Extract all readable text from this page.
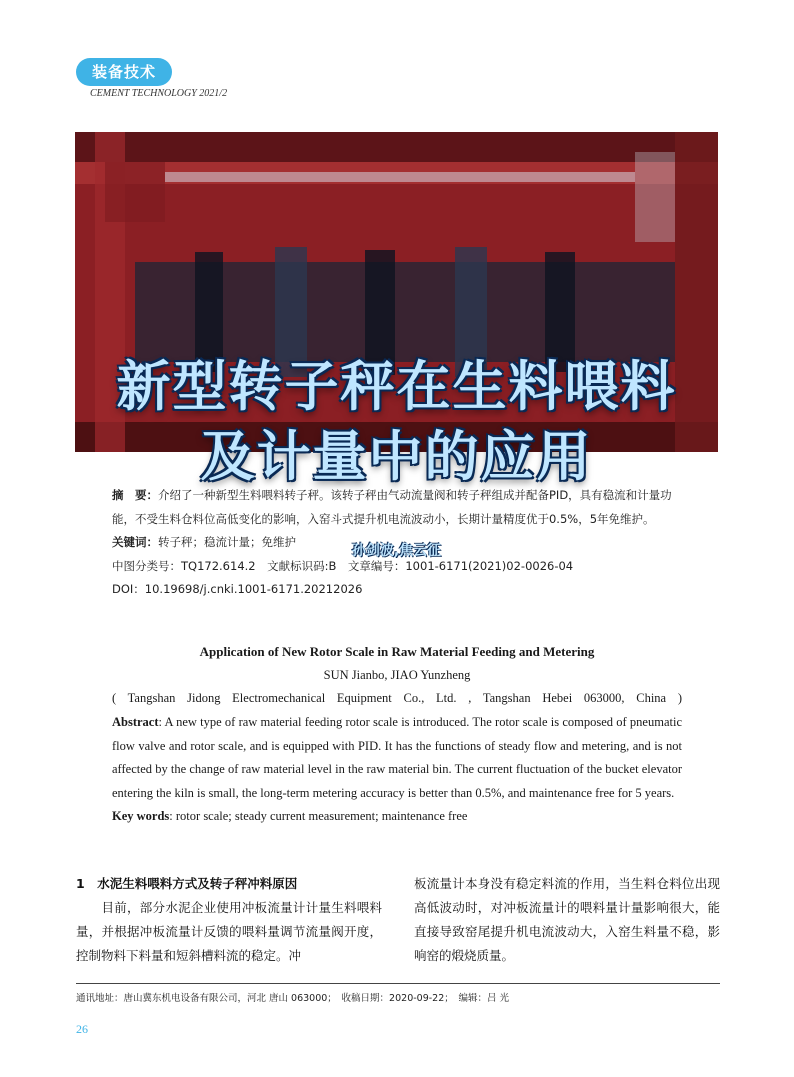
装备技术
CEMENT TECHNOLOGY 2021/2
新型转子秤在生料喂料
及计量中的应用
孙剑波,焦云征
摘　要：介绍了一种新型生料喂料转子秤。该转子秤由气动流量阀和转子秤组成并配备PID，具有稳流和计量功能，不受生料仓料位高低变化的影响，入窑斗式提升机电流波动小，长期计量精度优于0.5%，5年免维护。
关键词：转子秤；稳流计量；免维护
中图分类号：TQ172.614.2　文献标识码:B　文章编号：1001-6171(2021)02-0026-04
DOI：10.19698/j.cnki.1001-6171.20212026
Application of New Rotor Scale in Raw Material Feeding and Metering
SUN Jianbo, JIAO Yunzheng
( Tangshan Jidong Electromechanical Equipment Co., Ltd. , Tangshan Hebei 063000, China )
Abstract: A new type of raw material feeding rotor scale is introduced. The rotor scale is composed of pneumatic flow valve and rotor scale, and is equipped with PID. It has the functions of steady flow and metering, and is not affected by the change of raw material level in the raw material bin. The current fluctuation of the bucket elevator entering the kiln is small, the long-term metering accuracy is better than 0.5%, and maintenance free for 5 years.
Key words: rotor scale; steady current measurement; maintenance free
1　水泥生料喂料方式及转子秤冲料原因
　　目前，部分水泥企业使用冲板流量计计量生料喂料量，并根据冲板流量计反馈的喂料量调节流量阀开度，控制物料下料量和短斜槽料流的稳定。冲
板流量计本身没有稳定料流的作用，当生料仓料位出现高低波动时，对冲板流量计的喂料量计量影响很大，能直接导致窑尾提升机电流波动大，入窑生料量不稳，影响窑的煅烧质量。
通讯地址：唐山冀东机电设备有限公司，河北 唐山 063000；　收稿日期：2020-09-22；　编辑：吕 光
26
